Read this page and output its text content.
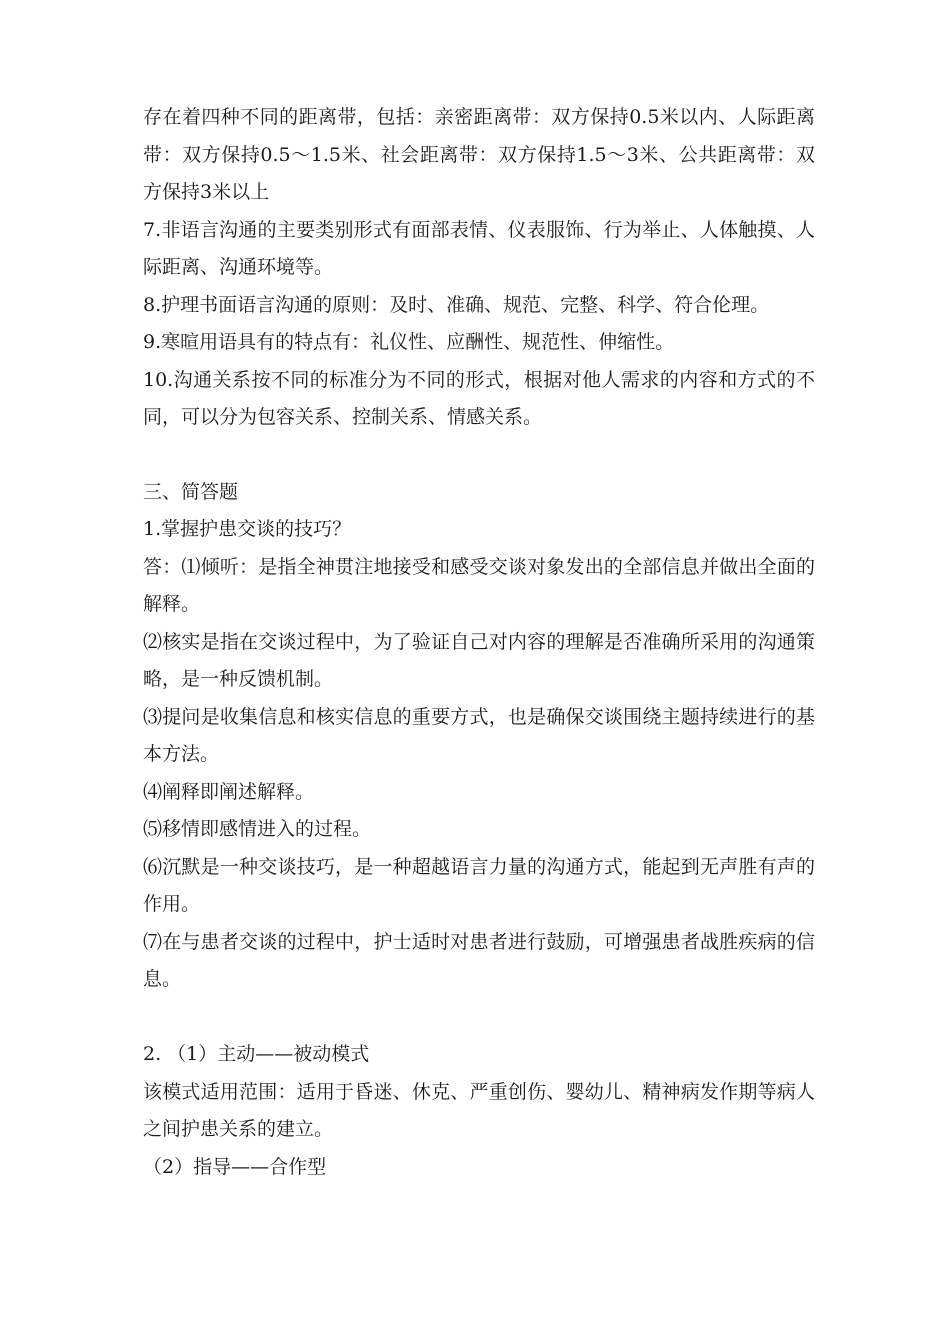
存在着四种不同的距离带，包括：亲密距离带：双方保持0.5米以内、人际距离
带：双方保持0.5～1.5米、社会距离带：双方保持1.5～3米、公共距离带：双
方保持3米以上
7.非语言沟通的主要类别形式有面部表情、仪表服饰、行为举止、人体触摸、人
际距离、沟通环境等。
8.护理书面语言沟通的原则：及时、准确、规范、完整、科学、符合伦理。
9.寒暄用语具有的特点有：礼仪性、应酬性、规范性、伸缩性。
10.沟通关系按不同的标准分为不同的形式，根据对他人需求的内容和方式的不
同，可以分为包容关系、控制关系、情感关系。
三、简答题
1.掌握护患交谈的技巧？
答：⑴倾听：是指全神贯注地接受和感受交谈对象发出的全部信息并做出全面的
解释。
⑵核实是指在交谈过程中，为了验证自己对内容的理解是否准确所采用的沟通策
略，是一种反馈机制。
⑶提问是收集信息和核实信息的重要方式，也是确保交谈围绕主题持续进行的基
本方法。
⑷阐释即阐述解释。
⑸移情即感情进入的过程。
⑹沉默是一种交谈技巧，是一种超越语言力量的沟通方式，能起到无声胜有声的
作用。
⑺在与患者交谈的过程中，护士适时对患者进行鼓励，可增强患者战胜疾病的信
息。
2. （1）主动——被动模式
该模式适用范围：适用于昏迷、休克、严重创伤、婴幼儿、精神病发作期等病人
之间护患关系的建立。
（2）指导——合作型
